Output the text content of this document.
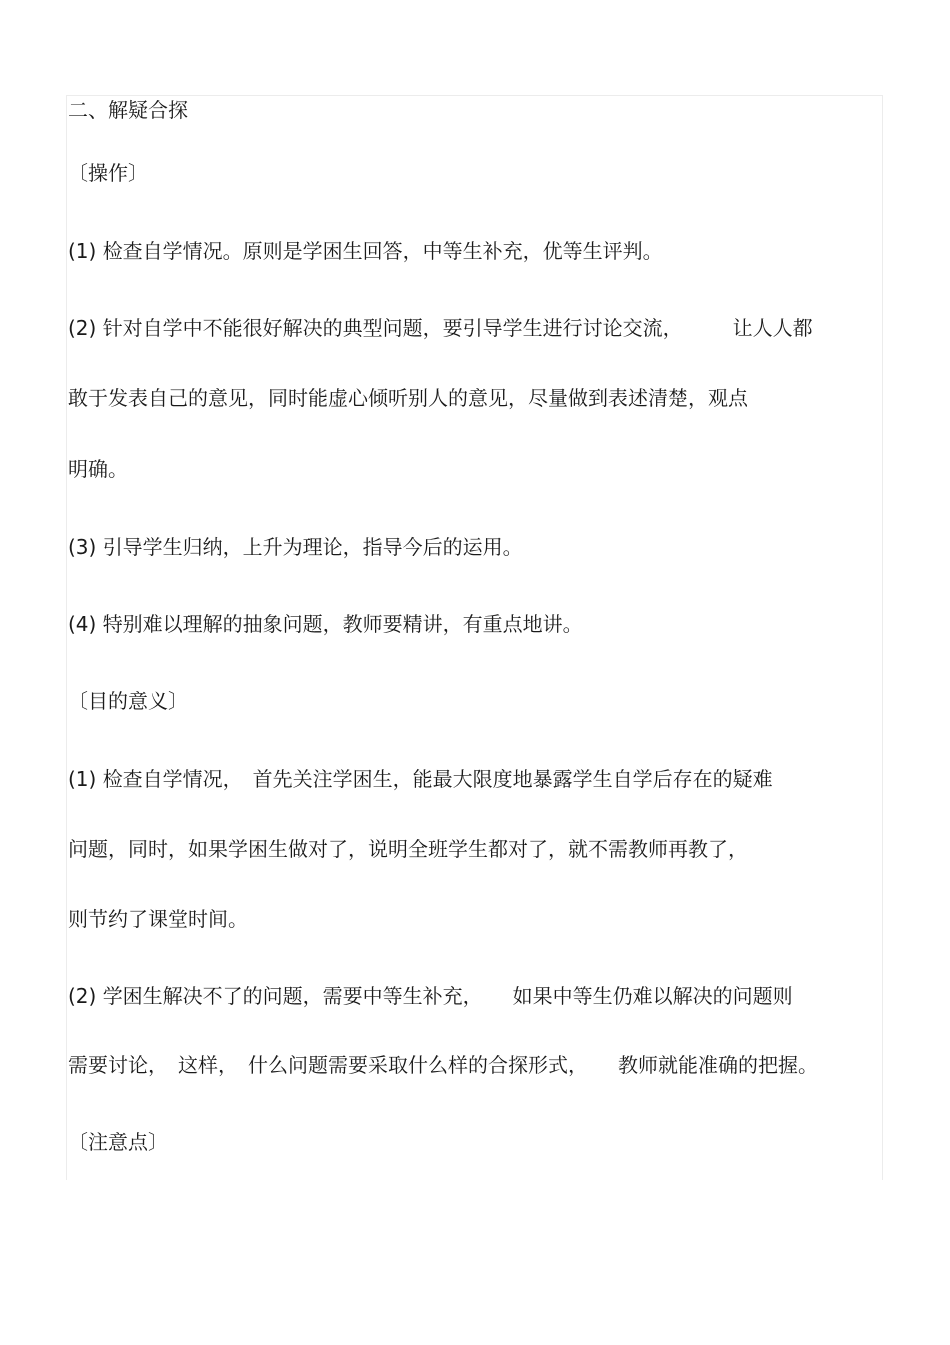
二、解疑合探
〔操作〕
(1) 检查自学情况。原则是学困生回答，中等生补充，优等生评判。
(2) 针对自学中不能很好解决的典型问题，要引导学生进行讨论交流，　　　让人人都
敢于发表自己的意见，同时能虚心倾听别人的意见，尽量做到表述清楚，观点
明确。
(3) 引导学生归纳，上升为理论，指导今后的运用。
(4) 特别难以理解的抽象问题，教师要精讲，有重点地讲。
〔目的意义〕
(1) 检查自学情况，　首先关注学困生，能最大限度地暴露学生自学后存在的疑难
问题，同时，如果学困生做对了，说明全班学生都对了，就不需教师再教了，
则节约了课堂时间。
(2) 学困生解决不了的问题，需要中等生补充，　　如果中等生仍难以解决的问题则
需要讨论，　这样，　什么问题需要采取什么样的合探形式，　　教师就能准确的把握。
〔注意点〕
